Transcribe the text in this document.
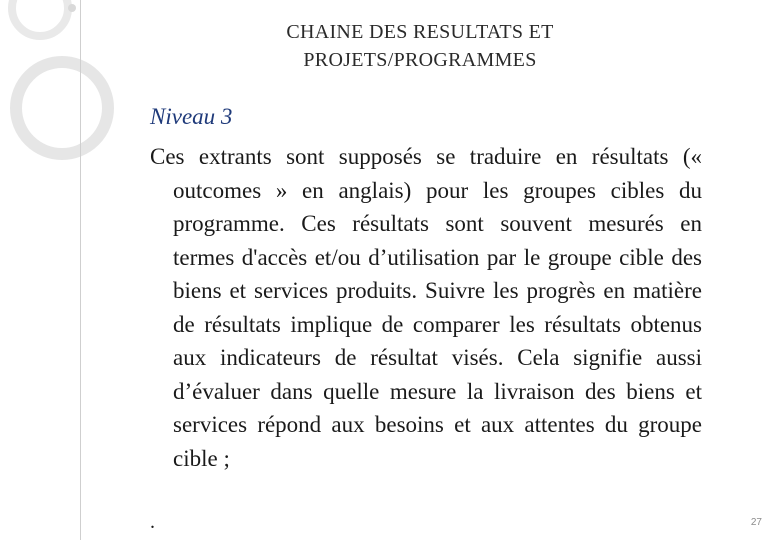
CHAINE DES RESULTATS ET
PROJETS/PROGRAMMES
Niveau 3
Ces extrants sont supposés se traduire en résultats (« outcomes » en anglais) pour les groupes cibles du programme. Ces résultats sont souvent mesurés en termes d'accès et/ou d’utilisation par le groupe cible des biens et services produits. Suivre les progrès en matière de résultats implique de comparer les résultats obtenus aux indicateurs de résultat visés. Cela signifie aussi d’évaluer dans quelle mesure la livraison des biens et services répond aux besoins et aux attentes du groupe cible ;
.	27
